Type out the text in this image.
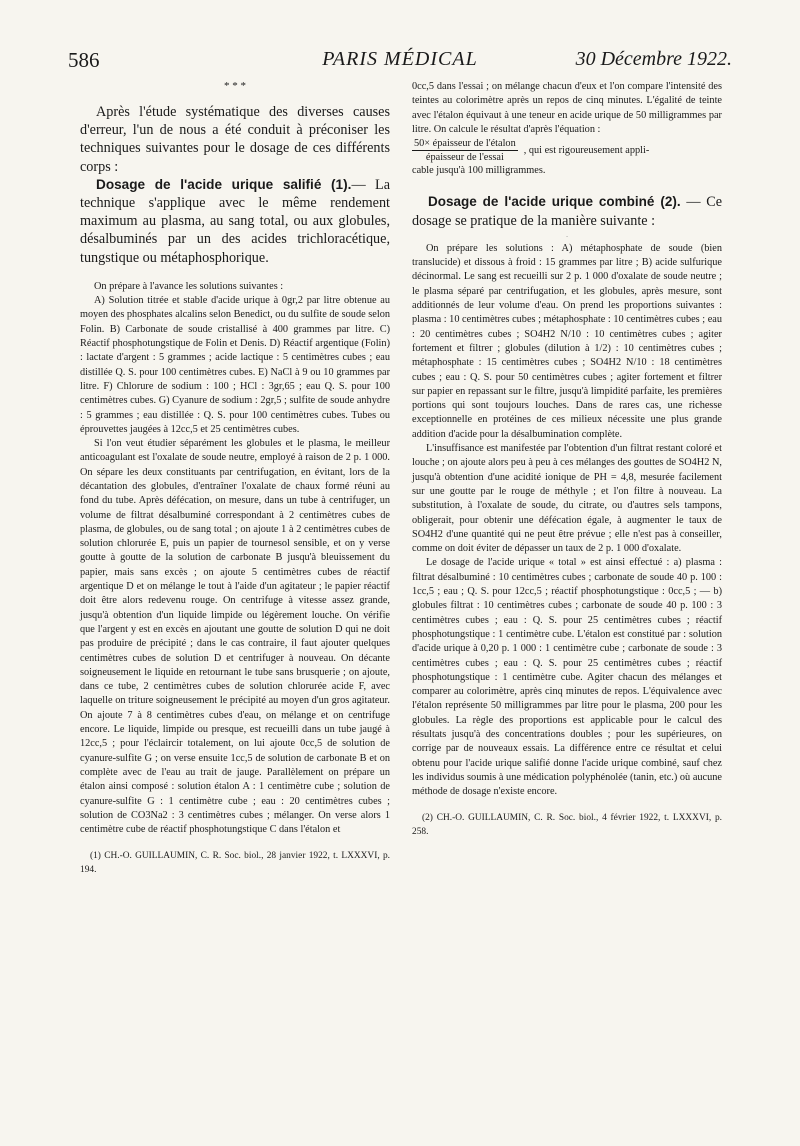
586	PARIS MÉDICAL	30 Décembre 1922.
* * *

Après l'étude systématique des diverses causes d'erreur, l'un de nous a été conduit à préconiser les techniques suivantes pour le dosage de ces différents corps :

Dosage de l'acide urique salifié (1).— La technique s'applique avec le même rendement maximum au plasma, au sang total, ou aux globules, désalbuminés par un des acides trichloracétique, tungstique ou métaphosphorique.

On prépare à l'avance les solutions suivantes :

A) Solution titrée et stable d'acide urique à 0gr,2 par litre obtenue au moyen des phosphates alcalins selon Benedict, ou du sulfite de soude selon Folin. B) Carbonate de soude cristallisé à 400 grammes par litre. C) Réactif phosphotungstique de Folin et Denis. D) Réactif argentique (Folin) : lactate d'argent : 5 grammes ; acide lactique : 5 centimètres cubes ; eau distillée Q. S. pour 100 centimètres cubes. E) NaCl à 9 ou 10 grammes par litre. F) Chlorure de sodium : 100 ; HCl : 3gr,65 ; eau Q. S. pour 100 centimètres cubes. G) Cyanure de sodium : 2gr,5 ; sulfite de soude anhydre : 5 grammes ; eau distillée : Q. S. pour 100 centimètres cubes. Tubes ou éprouvettes jaugées à 12cc,5 et 25 centimètres cubes.

Si l'on veut étudier séparément les globules et le plasma, le meilleur anticoagulant est l'oxalate de soude neutre, employé à raison de 2 p. 1 000. On sépare les deux constituants par centrifugation, en évitant, lors de la décantation des globules, d'entraîner l'oxalate de chaux formé réuni au fond du tube. Après défécation, on mesure, dans un tube à centrifuger, un volume de filtrat désalbuminé correspondant à 2 centimètres cubes de plasma, de globules, ou de sang total ; on ajoute 1 à 2 centimètres cubes de solution chlorurée E, puis un papier de tournesol sensible, et on y verse goutte à goutte de la solution de carbonate B jusqu'à bleuissement du papier, mais sans excès ; on ajoute 5 centimètres cubes de réactif argentique D et on mélange le tout à l'aide d'un agitateur ; le papier réactif doit être alors redevenu rouge. On centrifuge à vitesse assez grande, jusqu'à obtention d'un liquide limpide ou légèrement louche. On vérifie que l'argent y est en excès en ajoutant une goutte de solution D qui ne doit pas produire de précipité ; dans le cas contraire, il faut ajouter quelques centimètres cubes de solution D et centrifuger à nouveau. On décante soigneusement le liquide en retournant le tube sans brusquerie ; on ajoute, dans ce tube, 2 centimètres cubes de solution chlorurée acide F, avec laquelle on triture soigneusement le précipité au moyen d'un gros agitateur. On ajoute 7 à 8 centimètres cubes d'eau, on mélange et on centrifuge encore. Le liquide, limpide ou presque, est recueilli dans un tube jaugé à 12cc,5 ; pour l'éclaircir totalement, on lui ajoute 0cc,5 de solution de cyanure-sulfite G ; on verse ensuite 1cc,5 de solution de carbonate B et on complète avec de l'eau au trait de jauge. Parallèlement on prépare un étalon ainsi composé : solution étalon A : 1 centimètre cube ; solution de cyanure-sulfite G : 1 centimètre cube ; eau : 20 centimètres cubes ; solution de CO3Na2 : 3 centimètres cubes ; mélanger. On verse alors 1 centimètre cube de réactif phosphotungstique C dans l'étalon et

(1) CH.-O. GUILLAUMIN, C. R. Soc. biol., 28 janvier 1922, t. LXXXVI, p. 194.

0cc,5 dans l'essai ; on mélange chacun d'eux et l'on compare l'intensité des teintes au colorimètre après un repos de cinq minutes. L'égalité de teinte avec l'étalon équivaut à une teneur en acide urique de 50 milligrammes par litre. On calcule le résultat d'après l'équation :

$\frac{\text{50× épaisseur de l'étalon}}{\text{épaisseur de l'essai}}$ , qui est rigoureusement appli-

cable jusqu'à 100 milligrammes.

Dosage de l'acide urique combiné (2). — Ce dosage se pratique de la manière suivante :

·

On prépare les solutions : A) métaphosphate de soude (bien translucide) et dissous à froid : 15 grammes par litre ; B) acide sulfurique décinormal. Le sang est recueilli sur 2 p. 1 000 d'oxalate de soude neutre ; le plasma séparé par centrifugation, et les globules, après mesure, sont additionnés de leur volume d'eau. On prend les proportions suivantes : plasma : 10 centimètres cubes ; métaphosphate : 10 centimètres cubes ; eau : 20 centimètres cubes ; SO4H2 N/10 : 10 centimètres cubes ; agiter fortement et filtrer ; globules (dilution à 1/2) : 10 centimètres cubes ; métaphosphate : 15 centimètres cubes ; SO4H2 N/10 : 18 centimètres cubes ; eau : Q. S. pour 50 centimètres cubes ; agiter fortement et filtrer sur papier en repassant sur le filtre, jusqu'à limpidité parfaite, les premières portions qui sont toujours louches. Dans de rares cas, une richesse exceptionnelle en protéines de ces milieux nécessite une plus grande addition d'acide pour la désalbumination complète.

L'insuffisance est manifestée par l'obtention d'un filtrat restant coloré et louche ; on ajoute alors peu à peu à ces mélanges des gouttes de SO4H2 N, jusqu'à obtention d'une acidité ionique de PH = 4,8, mesurée facilement sur une goutte par le rouge de méthyle ; et l'on filtre à nouveau. La substitution, à l'oxalate de soude, du citrate, ou d'autres sels tampons, obligerait, pour obtenir une défécation égale, à augmenter le taux de SO4H2 d'une quantité qui ne peut être prévue ; elle n'est pas à conseiller, comme on doit éviter de dépasser un taux de 2 p. 1 000 d'oxalate.

Le dosage de l'acide urique « total » est ainsi effectué : a) plasma : filtrat désalbuminé : 10 centimètres cubes ; carbonate de soude 40 p. 100 : 1cc,5 ; eau ; Q. S. pour 12cc,5 ; réactif phosphotungstique : 0cc,5 ; — b) globules filtrat : 10 centimètres cubes ; carbonate de soude 40 p. 100 : 3 centimètres cubes ; eau : Q. S. pour 25 centimètres cubes ; réactif phosphotungstique : 1 centimètre cube. L'étalon est constitué par : solution d'acide urique à 0,20 p. 1 000 : 1 centimètre cube ; carbonate de soude : 3 centimètres cubes ; eau : Q. S. pour 25 centimètres cubes ; réactif phosphotungstique : 1 centimètre cube. Agiter chacun des mélanges et comparer au colorimètre, après cinq minutes de repos. L'équivalence avec l'étalon représente 50 milligrammes par litre pour le plasma, 200 pour les globules. La règle des proportions est applicable pour le calcul des résultats jusqu'à des concentrations doubles ; pour les supérieures, on corrige par de nouveaux essais. La différence entre ce résultat et celui obtenu pour l'acide urique salifié donne l'acide urique combiné, sauf chez les individus soumis à une médication polyphénolée (tanin, etc.) où aucune méthode de dosage n'existe encore.

(2) CH.-O. GUILLAUMIN, C. R. Soc. biol., 4 février 1922, t. LXXXVI, p. 258.
